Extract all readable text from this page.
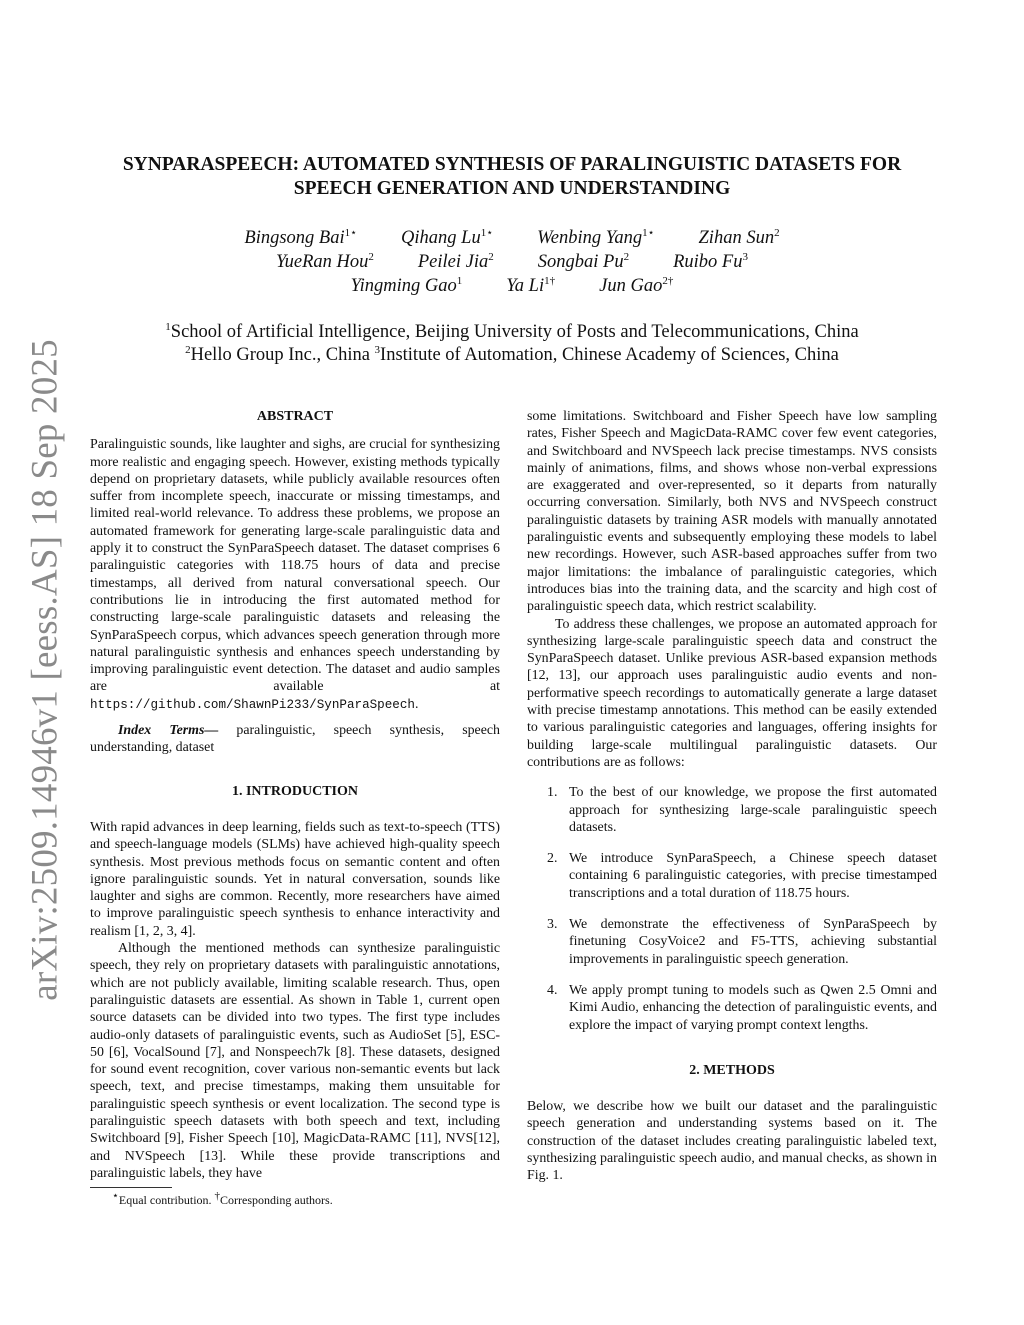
arXiv:2509.14946v1 [eess.AS] 18 Sep 2025
SYNPARASPEECH: AUTOMATED SYNTHESIS OF PARALINGUISTIC DATASETS FOR
SPEECH GENERATION AND UNDERSTANDING
Bingsong Bai$^{1⋆}$ Qihang $Lu^{1⋆}$ Wenbing Yang$^{1⋆}$ Zihan Sun$^2$
YueRan Hou$^2$ Peilei Jia$^2$ Songbai Pu$^2$ Ruibo Fu$^3$
Yingming Gao$^1$ Ya $Li^{1\dagger}$ Jun Gao$^{2\dagger}$
$^1$School of Artificial Intelligence, Beijing University of Posts and Telecommunications, China
$^2$Hello Group Inc., China $^3$Institute of Automation, Chinese Academy of Sciences, China
ABSTRACT

Paralinguistic sounds, like laughter and sighs, are crucial for synthesizing more realistic and engaging speech. However, existing methods typically depend on proprietary datasets, while publicly available resources often suffer from incomplete speech, inaccurate or missing timestamps, and limited real-world relevance. To address these problems, we propose an automated framework for generating large-scale paralinguistic data and apply it to construct the SynParaSpeech dataset. The dataset comprises 6 paralinguistic categories with 118.75 hours of data and precise timestamps, all derived from natural conversational speech. Our contributions lie in introducing the first automated method for constructing large-scale paralinguistic datasets and releasing the SynParaSpeech corpus, which advances speech generation through more natural paralinguistic synthesis and enhances speech understanding by improving paralinguistic event detection. The dataset and audio samples are available at https://github.com/ShawnPi233/SynParaSpeech.

Index Terms— paralinguistic, speech synthesis, speech understanding, dataset

1. INTRODUCTION

With rapid advances in deep learning, fields such as text-to-speech (TTS) and speech-language models (SLMs) have achieved high-quality speech synthesis. Most previous methods focus on semantic content and often ignore paralinguistic sounds. Yet in natural conversation, sounds like laughter and sighs are common. Recently, more researchers have aimed to improve paralinguistic speech synthesis to enhance interactivity and realism [1, 2, 3, 4].

Although the mentioned methods can synthesize paralinguistic speech, they rely on proprietary datasets with paralinguistic annotations, which are not publicly available, limiting scalable research. Thus, open paralinguistic datasets are essential. As shown in Table 1, current open source datasets can be divided into two types. The first type includes audio-only datasets of paralinguistic events, such as AudioSet [5], ESC-50 [6], VocalSound [7], and Nonspeech7k [8]. These datasets, designed for sound event recognition, cover various non-semantic events but lack speech, text, and precise timestamps, making them unsuitable for paralinguistic speech synthesis or event localization. The second type is paralinguistic speech datasets with both speech and text, including Switchboard [9], Fisher Speech [10], MagicData-RAMC [11], NVS[12], and NVSpeech [13]. While these provide transcriptions and paralinguistic labels, they have

some limitations. Switchboard and Fisher Speech have low sampling rates, Fisher Speech and MagicData-RAMC cover few event categories, and Switchboard and NVSpeech lack precise timestamps. NVS consists mainly of animations, films, and shows whose non-verbal expressions are exaggerated and over-represented, so it departs from naturally occurring conversation. Similarly, both NVS and NVSpeech construct paralinguistic datasets by training ASR models with manually annotated paralinguistic events and subsequently employing these models to label new recordings. However, such ASR-based approaches suffer from two major limitations: the imbalance of paralinguistic categories, which introduces bias into the training data, and the scarcity and high cost of paralinguistic speech data, which restrict scalability.

To address these challenges, we propose an automated approach for synthesizing large-scale paralinguistic speech data and construct the SynParaSpeech dataset. Unlike previous ASR-based expansion methods [12, 13], our approach uses paralinguistic audio events and non-performative speech recordings to automatically generate a large dataset with precise timestamp annotations. This method can be easily extended to various paralinguistic categories and languages, offering insights for building large-scale multilingual paralinguistic datasets. Our contributions are as follows:

1. To the best of our knowledge, we propose the first automated approach for synthesizing large-scale paralinguistic speech datasets.
2. We introduce SynParaSpeech, a Chinese speech dataset containing 6 paralinguistic categories, with precise timestamped transcriptions and a total duration of 118.75 hours.
3. We demonstrate the effectiveness of SynParaSpeech by finetuning CosyVoice2 and F5-TTS, achieving substantial improvements in paralinguistic speech generation.
4. We apply prompt tuning to models such as Qwen 2.5 Omni and Kimi Audio, enhancing the detection of paralinguistic events, and explore the impact of varying prompt context lengths.
2. METHODS

Below, we describe how we built our dataset and the paralinguistic speech generation and understanding systems based on it. The construction of the dataset includes creating paralinguistic labeled text, synthesizing paralinguistic speech audio, and manual checks, as shown in Fig. 1.

⋆Equal contribution. †Corresponding authors.
